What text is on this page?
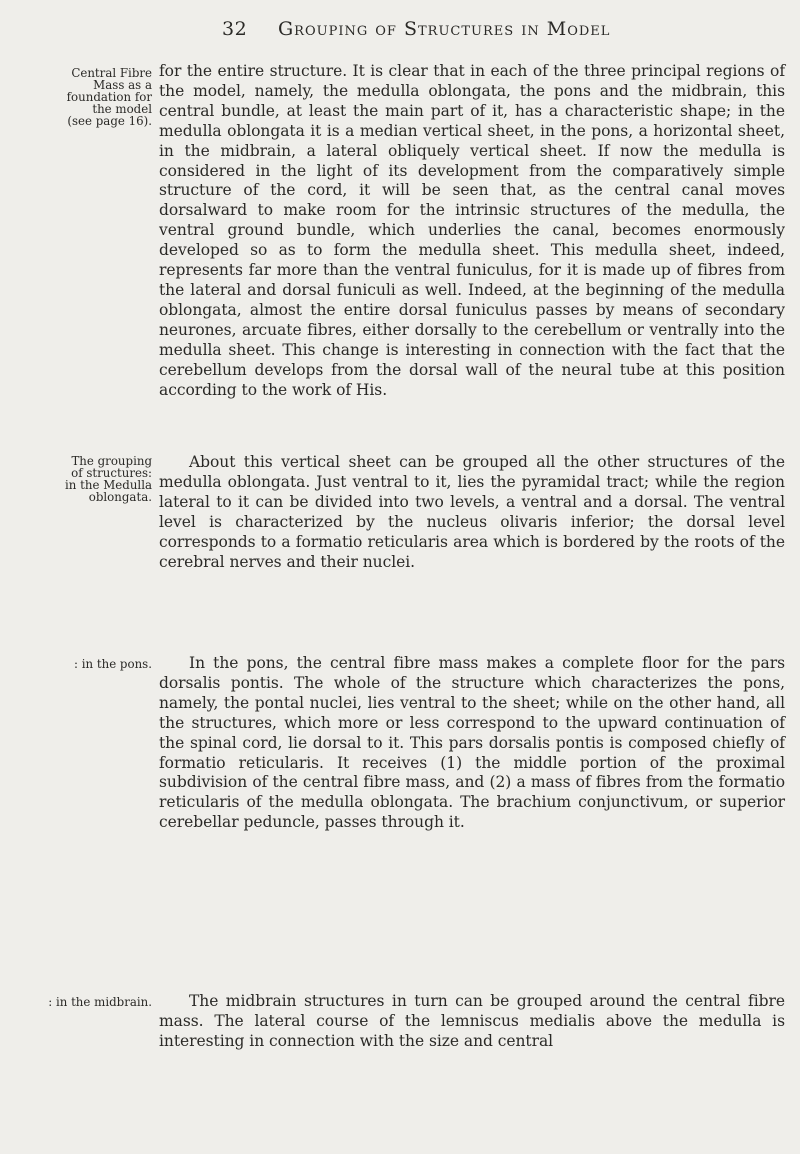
32 Grouping of Structures in Model
Central Fibre
Mass as a
foundation for
the model
(see page 16).
The grouping
of structures:
in the Medulla
oblongata.
: in the pons.
: in the midbrain.

for the entire structure. It is clear that in each of the three principal regions of the model, namely, the medulla oblongata, the pons and the midbrain, this central bundle, at least the main part of it, has a characteristic shape; in the medulla oblongata it is a median vertical sheet, in the pons, a horizontal sheet, in the midbrain, a lateral obliquely vertical sheet. If now the medulla is considered in the light of its development from the comparatively simple structure of the cord, it will be seen that, as the central canal moves dorsalward to make room for the intrinsic structures of the medulla, the ventral ground bundle, which underlies the canal, becomes enormously developed so as to form the medulla sheet. This medulla sheet, indeed, represents far more than the ventral funiculus, for it is made up of fibres from the lateral and dorsal funiculi as well. Indeed, at the beginning of the medulla oblongata, almost the entire dorsal funiculus passes by means of secondary neurones, arcuate fibres, either dorsally to the cerebellum or ventrally into the medulla sheet. This change is interesting in connection with the fact that the cerebellum develops from the dorsal wall of the neural tube at this position according to the work of His.

About this vertical sheet can be grouped all the other structures of the medulla oblongata. Just ventral to it, lies the pyramidal tract; while the region lateral to it can be divided into two levels, a ventral and a dorsal. The ventral level is characterized by the nucleus olivaris inferior; the dorsal level corresponds to a formatio reticularis area which is bordered by the roots of the cerebral nerves and their nuclei.

In the pons, the central fibre mass makes a complete floor for the pars dorsalis pontis. The whole of the structure which characterizes the pons, namely, the pontal nuclei, lies ventral to the sheet; while on the other hand, all the structures, which more or less correspond to the upward continuation of the spinal cord, lie dorsal to it. This pars dorsalis pontis is composed chiefly of formatio reticularis. It receives (1) the middle portion of the proximal subdivision of the central fibre mass, and (2) a mass of fibres from the formatio reticularis of the medulla oblongata. The brachium conjunctivum, or superior cerebellar peduncle, passes through it.

The midbrain structures in turn can be grouped around the central fibre mass. The lateral course of the lemniscus medialis above the medulla is interesting in connection with the size and central
